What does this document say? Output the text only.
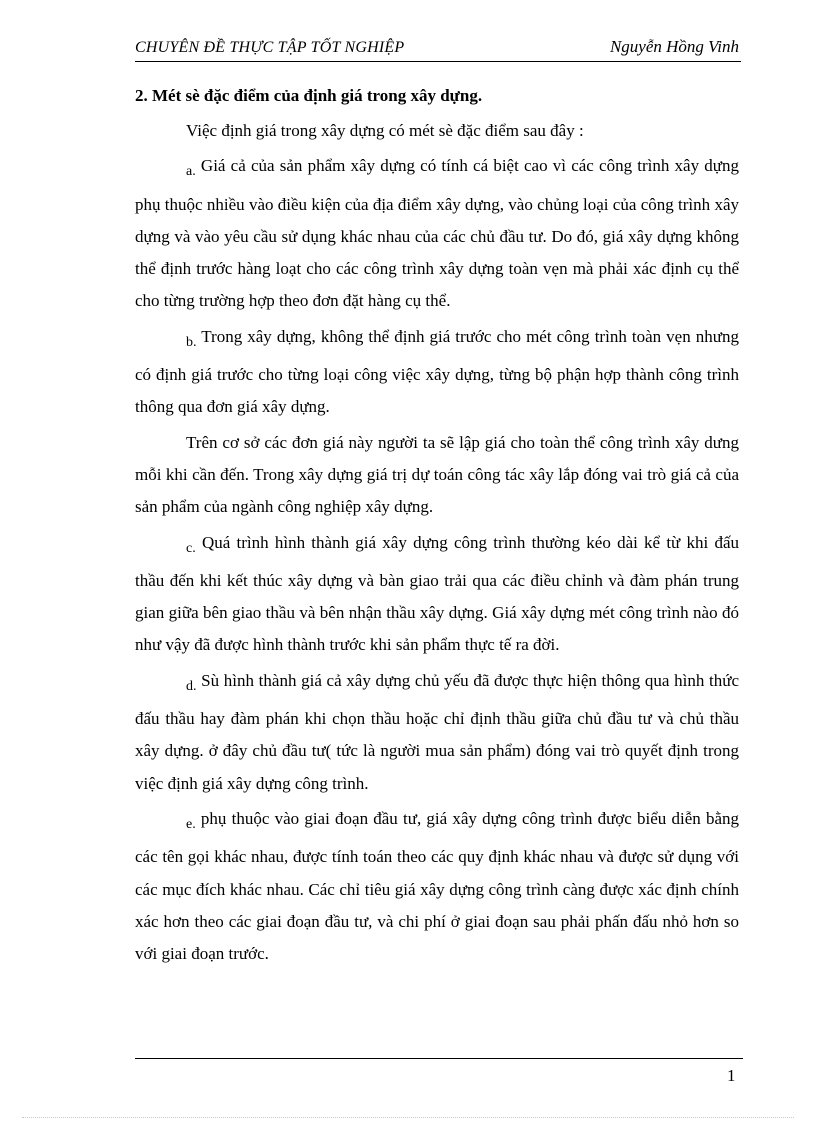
CHUYÊN ĐỀ THỰC TẬP TỐT NGHIỆP	Nguyễn Hồng Vinh

2. Mét sè đặc điểm của định giá trong xây dựng.

Việc định giá trong xây dựng có mét sè đặc điểm sau đây :

$_{a.}$ Giá cả của sản phẩm xây dựng có tính cá biệt cao vì các công trình xây dựng phụ thuộc nhiều vào điều kiện của địa điểm xây dựng, vào chủng loại của công trình xây dựng và vào yêu cầu sử dụng khác nhau của các chủ đầu tư. Do đó, giá xây dựng không thể định trước hàng loạt cho các công trình xây dựng toàn vẹn mà phải xác định cụ thể cho từng trường hợp theo đơn đặt hàng cụ thể.

$_{b.}$ Trong xây dựng, không thể định giá trước cho mét công trình toàn vẹn nhưng có định giá trước cho từng loại công việc xây dựng, từng bộ phận hợp thành công trình thông qua đơn giá xây dựng.

Trên cơ sở các đơn giá này người ta sẽ lập giá cho toàn thể công trình xây dưng mỗi khi cần đến. Trong xây dựng giá trị dự toán công tác xây lắp đóng vai trò giá cả của sản phẩm của ngành công nghiệp xây dựng.

$_{c.}$ Quá trình hình thành giá xây dựng công trình thường kéo dài kể từ khi đấu thầu đến khi kết thúc xây dựng và bàn giao trải qua các điều chỉnh và đàm phán trung gian giữa bên giao thầu và bên nhận thầu xây dựng. Giá xây dựng mét công trình nào đó như vậy đã được hình thành trước khi sản phẩm thực tế ra đời.

$_{d.}$ Sù hình thành giá cả xây dựng chủ yếu đã được thực hiện thông qua hình thức đấu thầu hay đàm phán khi chọn thầu hoặc chỉ định thầu giữa chủ đầu tư và chủ thầu xây dựng. ở đây chủ đầu tư( tức là người mua sản phẩm) đóng vai trò quyết định trong việc định giá xây dựng công trình.

$_{e.}$ phụ thuộc vào giai đoạn đầu tư, giá xây dựng công trình được biểu diễn bằng các tên gọi khác nhau, được tính toán theo các quy định khác nhau và được sử dụng với các mục đích khác nhau. Các chỉ tiêu giá xây dựng công trình càng được xác định chính xác hơn theo các giai đoạn đầu tư, và chi phí ở giai đoạn sau phải phấn đấu nhỏ hơn so với giai đoạn trước.

1
